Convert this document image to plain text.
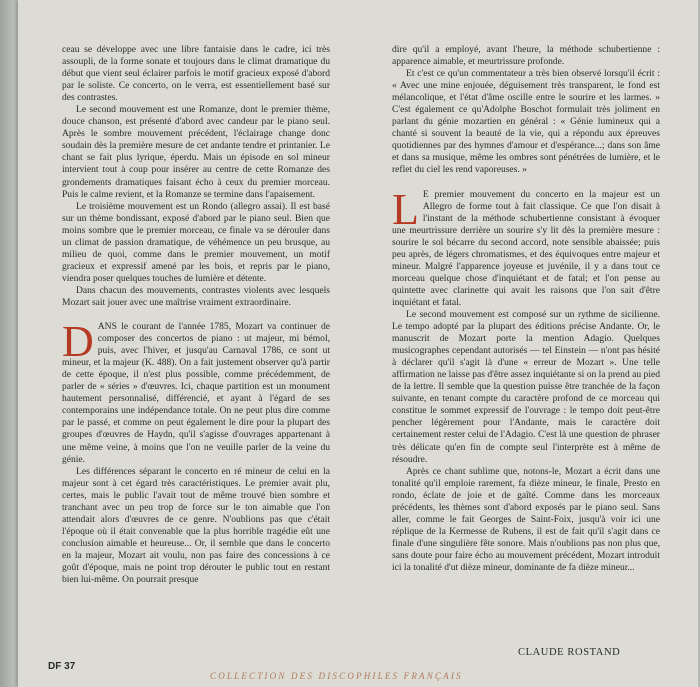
ceau se développe avec une libre fantaisie dans le cadre, ici très assoupli, de la forme sonate et toujours dans le climat dramatique du début que vient seul éclairer parfois le motif gracieux exposé d'abord par le soliste. Ce concerto, on le verra, est essentiellement basé sur des contrastes.

Le second mouvement est une Romanze, dont le premier thème, douce chanson, est présenté d'abord avec candeur par le piano seul. Après le sombre mouvement précédent, l'éclairage change donc soudain dès la première mesure de cet andante tendre et printanier. Le chant se fait plus lyrique, éperdu. Mais un épisode en sol mineur intervient tout à coup pour insérer au centre de cette Romanze des grondements dramatiques faisant écho à ceux du premier morceau. Puis le calme revient, et la Romanze se termine dans l'apaisement.

Le troisième mouvement est un Rondo (allegro assai). Il est basé sur un thème bondissant, exposé d'abord par le piano seul. Bien que moins sombre que le premier morceau, ce finale va se dérouler dans un climat de passion dramatique, de véhémence un peu brusque, au milieu de quoi, comme dans le premier mouvement, un motif gracieux et expressif amené par les bois, et repris par le piano, viendra poser quelques touches de lumière et détente.

Dans chacun des mouvements, contrastes violents avec lesquels Mozart sait jouer avec une maîtrise vraiment extraordinaire.

DANS le courant de l'année 1785, Mozart va continuer de composer des concertos de piano : ut majeur, mi bémol, puis, avec l'hiver, et jusqu'au Carnaval 1786, ce sont ut mineur, et la majeur (K. 488). On a fait justement observer qu'à partir de cette époque, il n'est plus possible, comme précédemment, de parler de « séries » d'œuvres. Ici, chaque partition est un monument hautement personnalisé, différencié, et ayant à l'égard de ses contemporains une indépendance totale. On ne peut plus dire comme par le passé, et comme on peut également le dire pour la plupart des groupes d'œuvres de Haydn, qu'il s'agisse d'ouvrages appartenant à une même veine, à moins que l'on ne veuille parler de la veine du génie.

Les différences séparant le concerto en ré mineur de celui en la majeur sont à cet égard très caractéristiques. Le premier avait plu, certes, mais le public l'avait tout de même trouvé bien sombre et tranchant avec un peu trop de force sur le ton aimable que l'on attendait alors d'œuvres de ce genre. N'oublions pas que c'était l'époque où il était convenable que la plus horrible tragédie eût une conclusion aimable et heureuse... Or, il semble que dans le concerto en la majeur, Mozart ait voulu, non pas faire des concessions à ce goût d'époque, mais ne point trop dérouter le public tout en restant bien lui-même. On pourrait presque

dire qu'il a employé, avant l'heure, la méthode schubertienne : apparence aimable, et meurtrissure profonde.

Et c'est ce qu'un commentateur a très bien observé lorsqu'il écrit : « Avec une mine enjouée, déguisement très transparent, le fond est mélancolique, et l'état d'âme oscille entre le sourire et les larmes. » C'est également ce qu'Adolphe Boschot formulait très joliment en parlant du génie mozartien en général : « Génie lumineux qui a chanté si souvent la beauté de la vie, qui a répondu aux épreuves quotidiennes par des hymnes d'amour et d'espérance...; dans son âme et dans sa musique, même les ombres sont pénétrées de lumière, et le reflet du ciel les rend vaporeuses. »

L E premier mouvement du concerto en la majeur est un Allegro de forme tout à fait classique. Ce que l'on disait à l'instant de la méthode schubertienne consistant à évoquer une meurtrissure derrière un sourire s'y lit dès la première mesure : sourire le sol bécarre du second accord, note sensible abaissée; puis peu après, de légers chromatismes, et des équivoques entre majeur et mineur. Malgré l'apparence joyeuse et juvénile, il y a dans tout ce morceau quelque chose d'inquiétant et de fatal; et l'on pense au quintette avec clarinette qui avait les raisons que l'on sait d'être inquiétant et fatal.

Le second mouvement est composé sur un rythme de sicilienne. Le tempo adopté par la plupart des éditions précise Andante. Or, le manuscrit de Mozart porte la mention Adagio. Quelques musicographes cependant autorisés — tel Einstein — n'ont pas hésité à déclarer qu'il s'agit là d'une « erreur de Mozart ». Une telle affirmation ne laisse pas d'être assez inquiétante si on la prend au pied de la lettre. Il semble que la question puisse être tranchée de la façon suivante, en tenant compte du caractère profond de ce morceau qui constitue le sommet expressif de l'ouvrage : le tempo doit peut-être pencher légèrement pour l'Andante, mais le caractère doit certainement rester celui de l'Adagio. C'est là une question de phraser très délicate qu'en fin de compte seul l'interprète est à même de résoudre.

Après ce chant sublime que, notons-le, Mozart a écrit dans une tonalité qu'il emploie rarement, fa dièze mineur, le finale, Presto en rondo, éclate de joie et de gaîté. Comme dans les morceaux précédents, les thèmes sont d'abord exposés par le piano seul. Sans aller, comme le fait Georges de Saint-Foix, jusqu'à voir ici une réplique de la Kermesse de Rubens, il est de fait qu'il s'agit dans ce finale d'une singulière fête sonore. Mais n'oublions pas non plus que, sans doute pour faire écho au mouvement précédent, Mozart introduit ici la tonalité d'ut dièze mineur, dominante de fa dièze mineur...

CLAUDE ROSTAND
DF 37
COLLECTION DES DISCOPHILES FRANÇAIS
